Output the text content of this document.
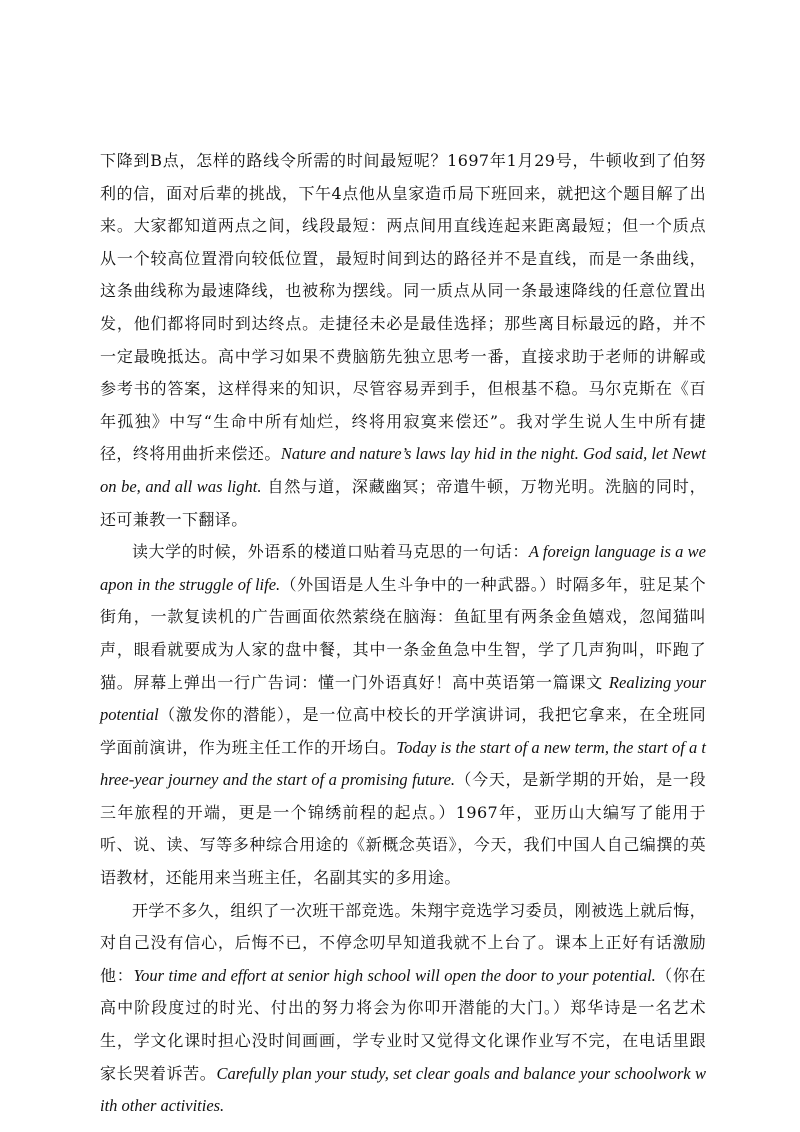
下降到B点，怎样的路线令所需的时间最短呢？1697年1月29号，牛顿收到了伯努利的信，面对后辈的挑战，下午4点他从皇家造币局下班回来，就把这个题目解了出来。大家都知道两点之间，线段最短：两点间用直线连起来距离最短；但一个质点从一个较高位置滑向较低位置，最短时间到达的路径并不是直线，而是一条曲线，这条曲线称为最速降线，也被称为摆线。同一质点从同一条最速降线的任意位置出发，他们都将同时到达终点。走捷径未必是最佳选择；那些离目标最远的路，并不一定最晚抵达。高中学习如果不费脑筋先独立思考一番，直接求助于老师的讲解或参考书的答案，这样得来的知识，尽管容易弄到手，但根基不稳。马尔克斯在《百年孤独》中写“生命中所有灿烂，终将用寂寞来偿还”。我对学生说人生中所有捷径，终将用曲折来偿还。Nature and nature’s laws lay hid in the night. God said, let Newton be, and all was light. 自然与道，深藏幽冥；帝遣牛顿，万物光明。洗脑的同时，还可兼教一下翻译。

读大学的时候，外语系的楼道口贴着马克思的一句话：A foreign language is a weapon in the struggle of life.（外国语是人生斗争中的一种武器。）时隔多年，驻足某个街角，一款复读机的广告画面依然萦绕在脑海：鱼缸里有两条金鱼嬉戏，忽闻猫叫声，眼看就要成为人家的盘中餐，其中一条金鱼急中生智，学了几声狗叫，吓跑了猫。屏幕上弹出一行广告词：懂一门外语真好！高中英语第一篇课文 Realizing your potential（激发你的潜能），是一位高中校长的开学演讲词，我把它拿来，在全班同学面前演讲，作为班主任工作的开场白。Today is the start of a new term, the start of a three-year journey and the start of a promising future.（今天，是新学期的开始，是一段三年旅程的开端，更是一个锦绣前程的起点。）1967年，亚历山大编写了能用于听、说、读、写等多种综合用途的《新概念英语》，今天，我们中国人自己编撰的英语教材，还能用来当班主任，名副其实的多用途。

开学不多久，组织了一次班干部竞选。朱翔宇竞选学习委员，刚被选上就后悔，对自己没有信心，后悔不已，不停念叨早知道我就不上台了。课本上正好有话激励他：Your time and effort at senior high school will open the door to your potential.（你在高中阶段度过的时光、付出的努力将会为你叩开潜能的大门。）郑华诗是一名艺术生，学文化课时担心没时间画画，学专业时又觉得文化课作业写不完，在电话里跟家长哭着诉苦。Carefully plan your study, set clear goals and balance your schoolwork with other activities.
